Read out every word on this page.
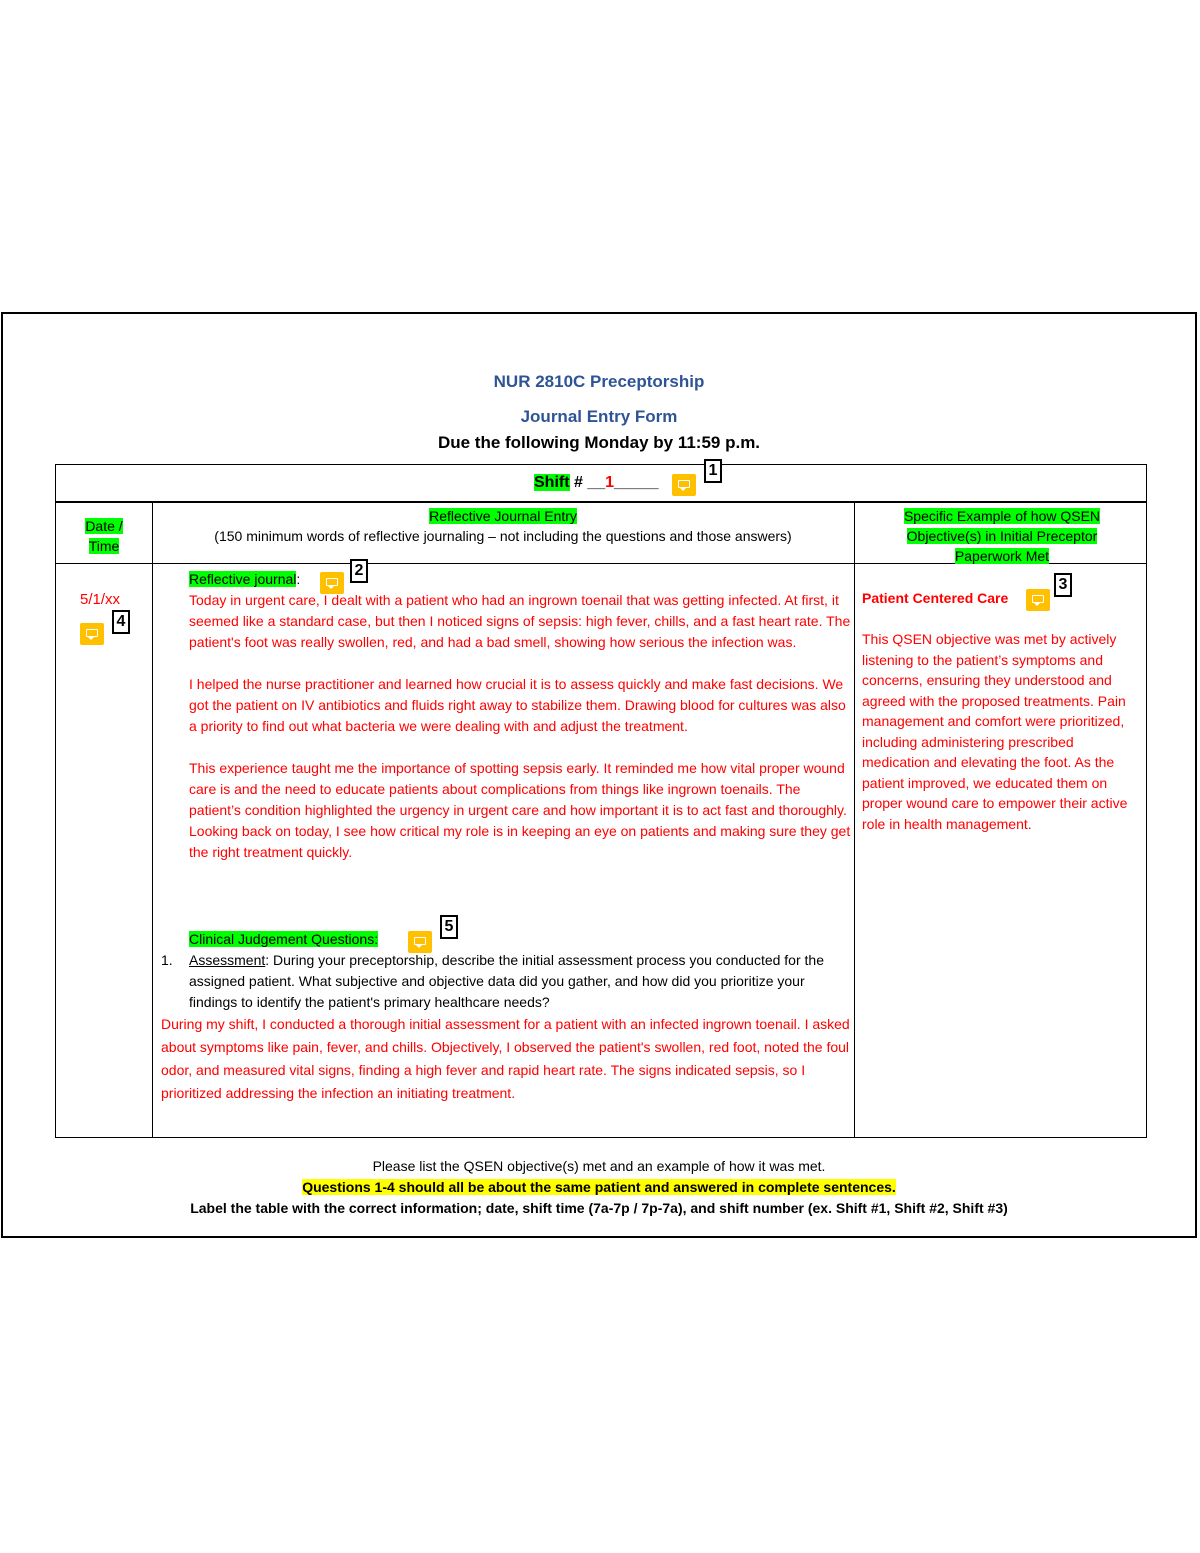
NUR 2810C Preceptorship
Journal Entry Form
Due the following Monday by 11:59 p.m.
Shift # __1_____
1
Date / Time
Reflective Journal Entry
(150 minimum words of reflective journaling – not including the questions and those answers)
Specific Example of how QSEN Objective(s) in Initial Preceptor Paperwork Met
5/1/xx
4
Reflective journal:	2

Today in urgent care, I dealt with a patient who had an ingrown toenail that was getting infected. At first, it seemed like a standard case, but then I noticed signs of sepsis: high fever, chills, and a fast heart rate. The patient's foot was really swollen, red, and had a bad smell, showing how serious the infection was.

I helped the nurse practitioner and learned how crucial it is to assess quickly and make fast decisions. We got the patient on IV antibiotics and fluids right away to stabilize them. Drawing blood for cultures was also a priority to find out what bacteria we were dealing with and adjust the treatment.

This experience taught me the importance of spotting sepsis early. It reminded me how vital proper wound care is and the need to educate patients about complications from things like ingrown toenails. The patient’s condition highlighted the urgency in urgent care and how important it is to act fast and thoroughly. Looking back on today, I see how critical my role is in keeping an eye on patients and making sure they get the right treatment quickly.

Clinical Judgement Questions:
5
1.	Assessment: During your preceptorship, describe the initial assessment process you conducted for the assigned patient. What subjective and objective data did you gather, and how did you prioritize your findings to identify the patient's primary healthcare needs?
During my shift, I conducted a thorough initial assessment for a patient with an infected ingrown toenail. I asked about symptoms like pain, fever, and chills. Objectively, I observed the patient's swollen, red foot, noted the foul odor, and measured vital signs, finding a high fever and rapid heart rate. The signs indicated sepsis, so I prioritized addressing the infection an initiating treatment.
Patient Centered Care
3
This QSEN objective was met by actively listening to the patient’s symptoms and concerns, ensuring they understood and agreed with the proposed treatments. Pain management and comfort were prioritized, including administering prescribed medication and elevating the foot. As the patient improved, we educated them on proper wound care to empower their active role in health management.
Please list the QSEN objective(s) met and an example of how it was met.
Questions 1-4 should all be about the same patient and answered in complete sentences.
Label the table with the correct information; date, shift time (7a-7p / 7p-7a), and shift number (ex. Shift #1, Shift #2, Shift #3)
